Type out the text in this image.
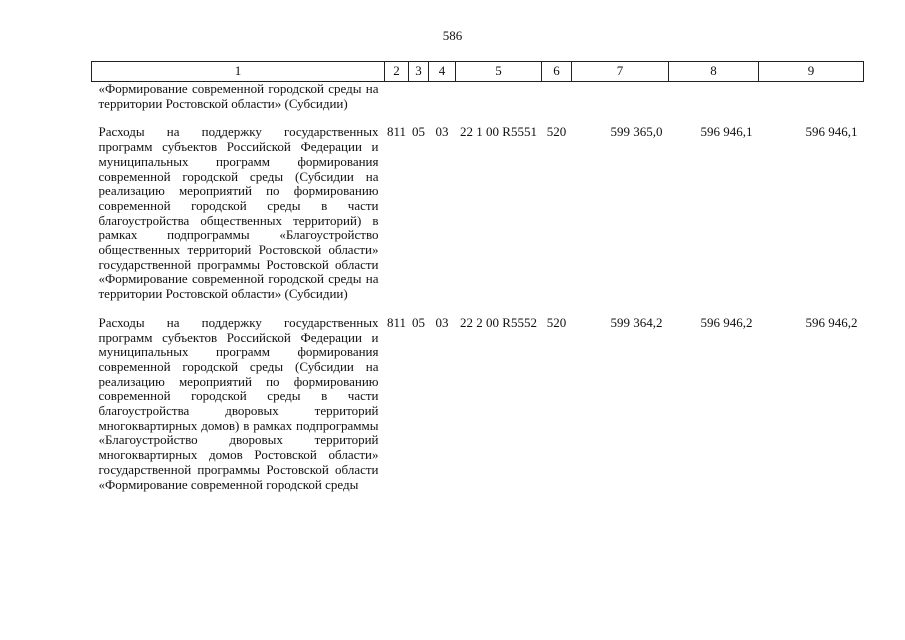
586
1	2	3	4	5	6	7	8	9
«Формированиe современной городской среды на территории Ростовской области» (Субсидии)								

Расходы на поддержку государственных программ субъектов Российской Федерации и муниципальных программ формирования современной городской среды (Субсидии на реализацию мероприятий по формированию современной городской среды в части благоустройства общественных территорий) в рамках подпрограммы «Благоустройство общественных территорий Ростовской области» государственной программы Ростовской области «Формирование современной городской среды на территории Ростовской области» (Субсидии)	811	05	03	22 1 00 R5551	520	599 365,0	596 946,1	596 946,1

Расходы на поддержку государственных программ субъектов Российской Федерации и муниципальных программ формирования современной городской среды (Субсидии на реализацию мероприятий по формированию современной городской среды в части благоустройства дворовых территорий многоквартирных домов) в рамках подпрограммы «Благоустройство дворовых территорий многоквартирных домов Ростовской области» государственной программы Ростовской области «Формирование современной городской среды	811	05	03	22 2 00 R5552	520	599 364,2	596 946,2	596 946,2
